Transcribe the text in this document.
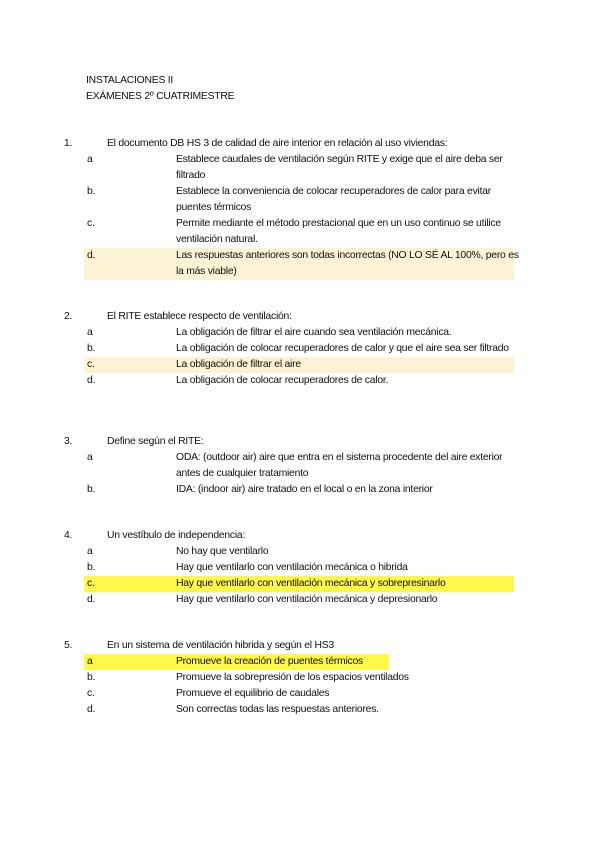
INSTALACIONES II
EXÁMENES 2º CUATRIMESTRE
1.	El documento DB HS 3 de calidad de aire interior en relación al uso viviendas:
a	Establece caudales de ventilación según RITE y exige que el aire deba ser filtrado
b.	Establece la conveniencia de colocar recuperadores de calor para evitar puentes térmicos
c.	Permite mediante el método prestacional que en un uso continuo se utilice ventilación natural.
d.	Las respuestas anteriores son todas incorrectas (NO LO SÉ AL 100%, pero es la más viable)
2.	El RITE establece respecto de ventilación:
a	La obligación de filtrar el aire cuando sea ventilación mecánica.
b.	La obligación de colocar recuperadores de calor y que el aire sea ser filtrado
c.	La obligación de filtrar el aire
d.	La obligación de colocar recuperadores de calor.
3.	Define según el RITE:
a	ODA: (outdoor air) aire que entra en el sistema procedente del aire exterior antes de cualquier tratamiento
b.	IDA: (indoor air) aire tratado en el local o en la zona interior
4.	Un vestíbulo de independencia:
a	No hay que ventilarlo
b.	Hay que ventilarlo con ventilación mecánica o hibrida
c.	Hay que ventilarlo con ventilación mecánica y sobrepresinarlo
d.	Hay que ventilarlo con ventilación mecánica y depresionarlo
5.	En un sistema de ventilación hibrida y según el HS3
a	Promueve la creación de puentes térmicos
b.	Promueve la sobrepresión de los espacios ventilados
c.	Promueve el equilibrio de caudales
d.	Son correctas todas las respuestas anteriores.
